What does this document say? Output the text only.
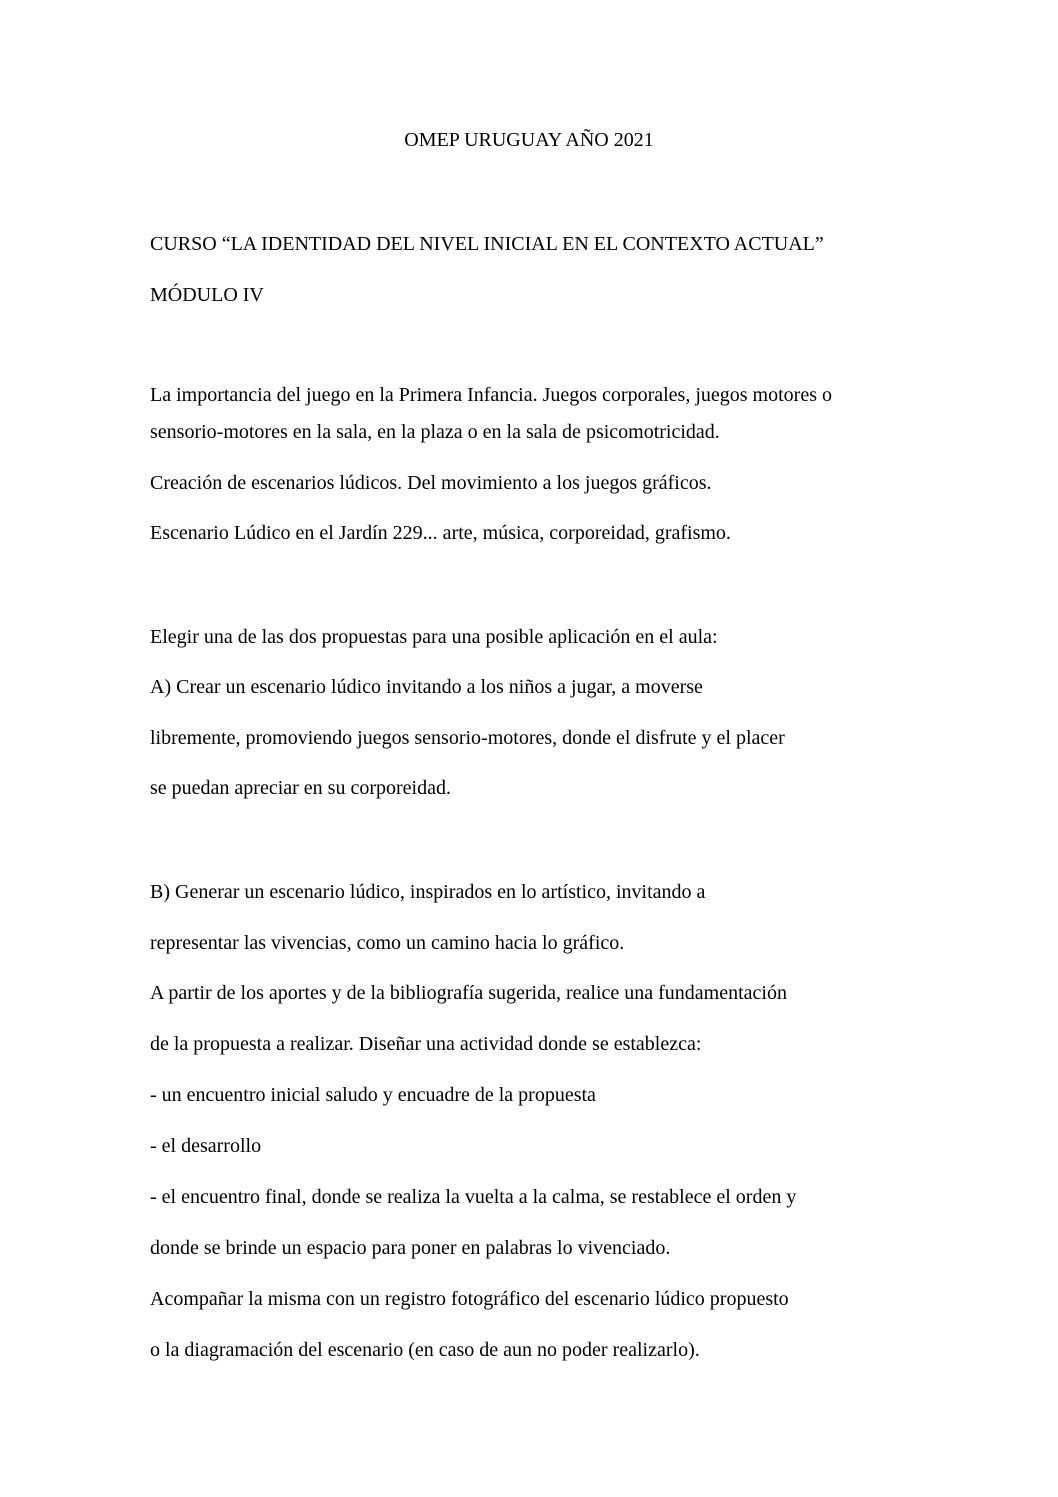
OMEP URUGUAY AÑO 2021

CURSO “LA IDENTIDAD DEL NIVEL INICIAL EN EL CONTEXTO ACTUAL”

MÓDULO IV

La importancia del juego en la Primera Infancia. Juegos corporales, juegos motores o

sensorio-motores en la sala, en la plaza o en la sala de psicomotricidad.

Creación de escenarios lúdicos. Del movimiento a los juegos gráficos.

Escenario Lúdico en el Jardín 229... arte, música, corporeidad, grafismo.

Elegir una de las dos propuestas para una posible aplicación en el aula:

A) Crear un escenario lúdico invitando a los niños a jugar, a moverse

libremente, promoviendo juegos sensorio-motores, donde el disfrute y el placer

se puedan apreciar en su corporeidad.

B) Generar un escenario lúdico, inspirados en lo artístico, invitando a

representar las vivencias, como un camino hacia lo gráfico.

A partir de los aportes y de la bibliografía sugerida, realice una fundamentación

de la propuesta a realizar. Diseñar una actividad donde se establezca:

- un encuentro inicial saludo y encuadre de la propuesta

- el desarrollo

- el encuentro final, donde se realiza la vuelta a la calma, se restablece el orden y

donde se brinde un espacio para poner en palabras lo vivenciado.

Acompañar la misma con un registro fotográfico del escenario lúdico propuesto

o la diagramación del escenario (en caso de aun no poder realizarlo).
